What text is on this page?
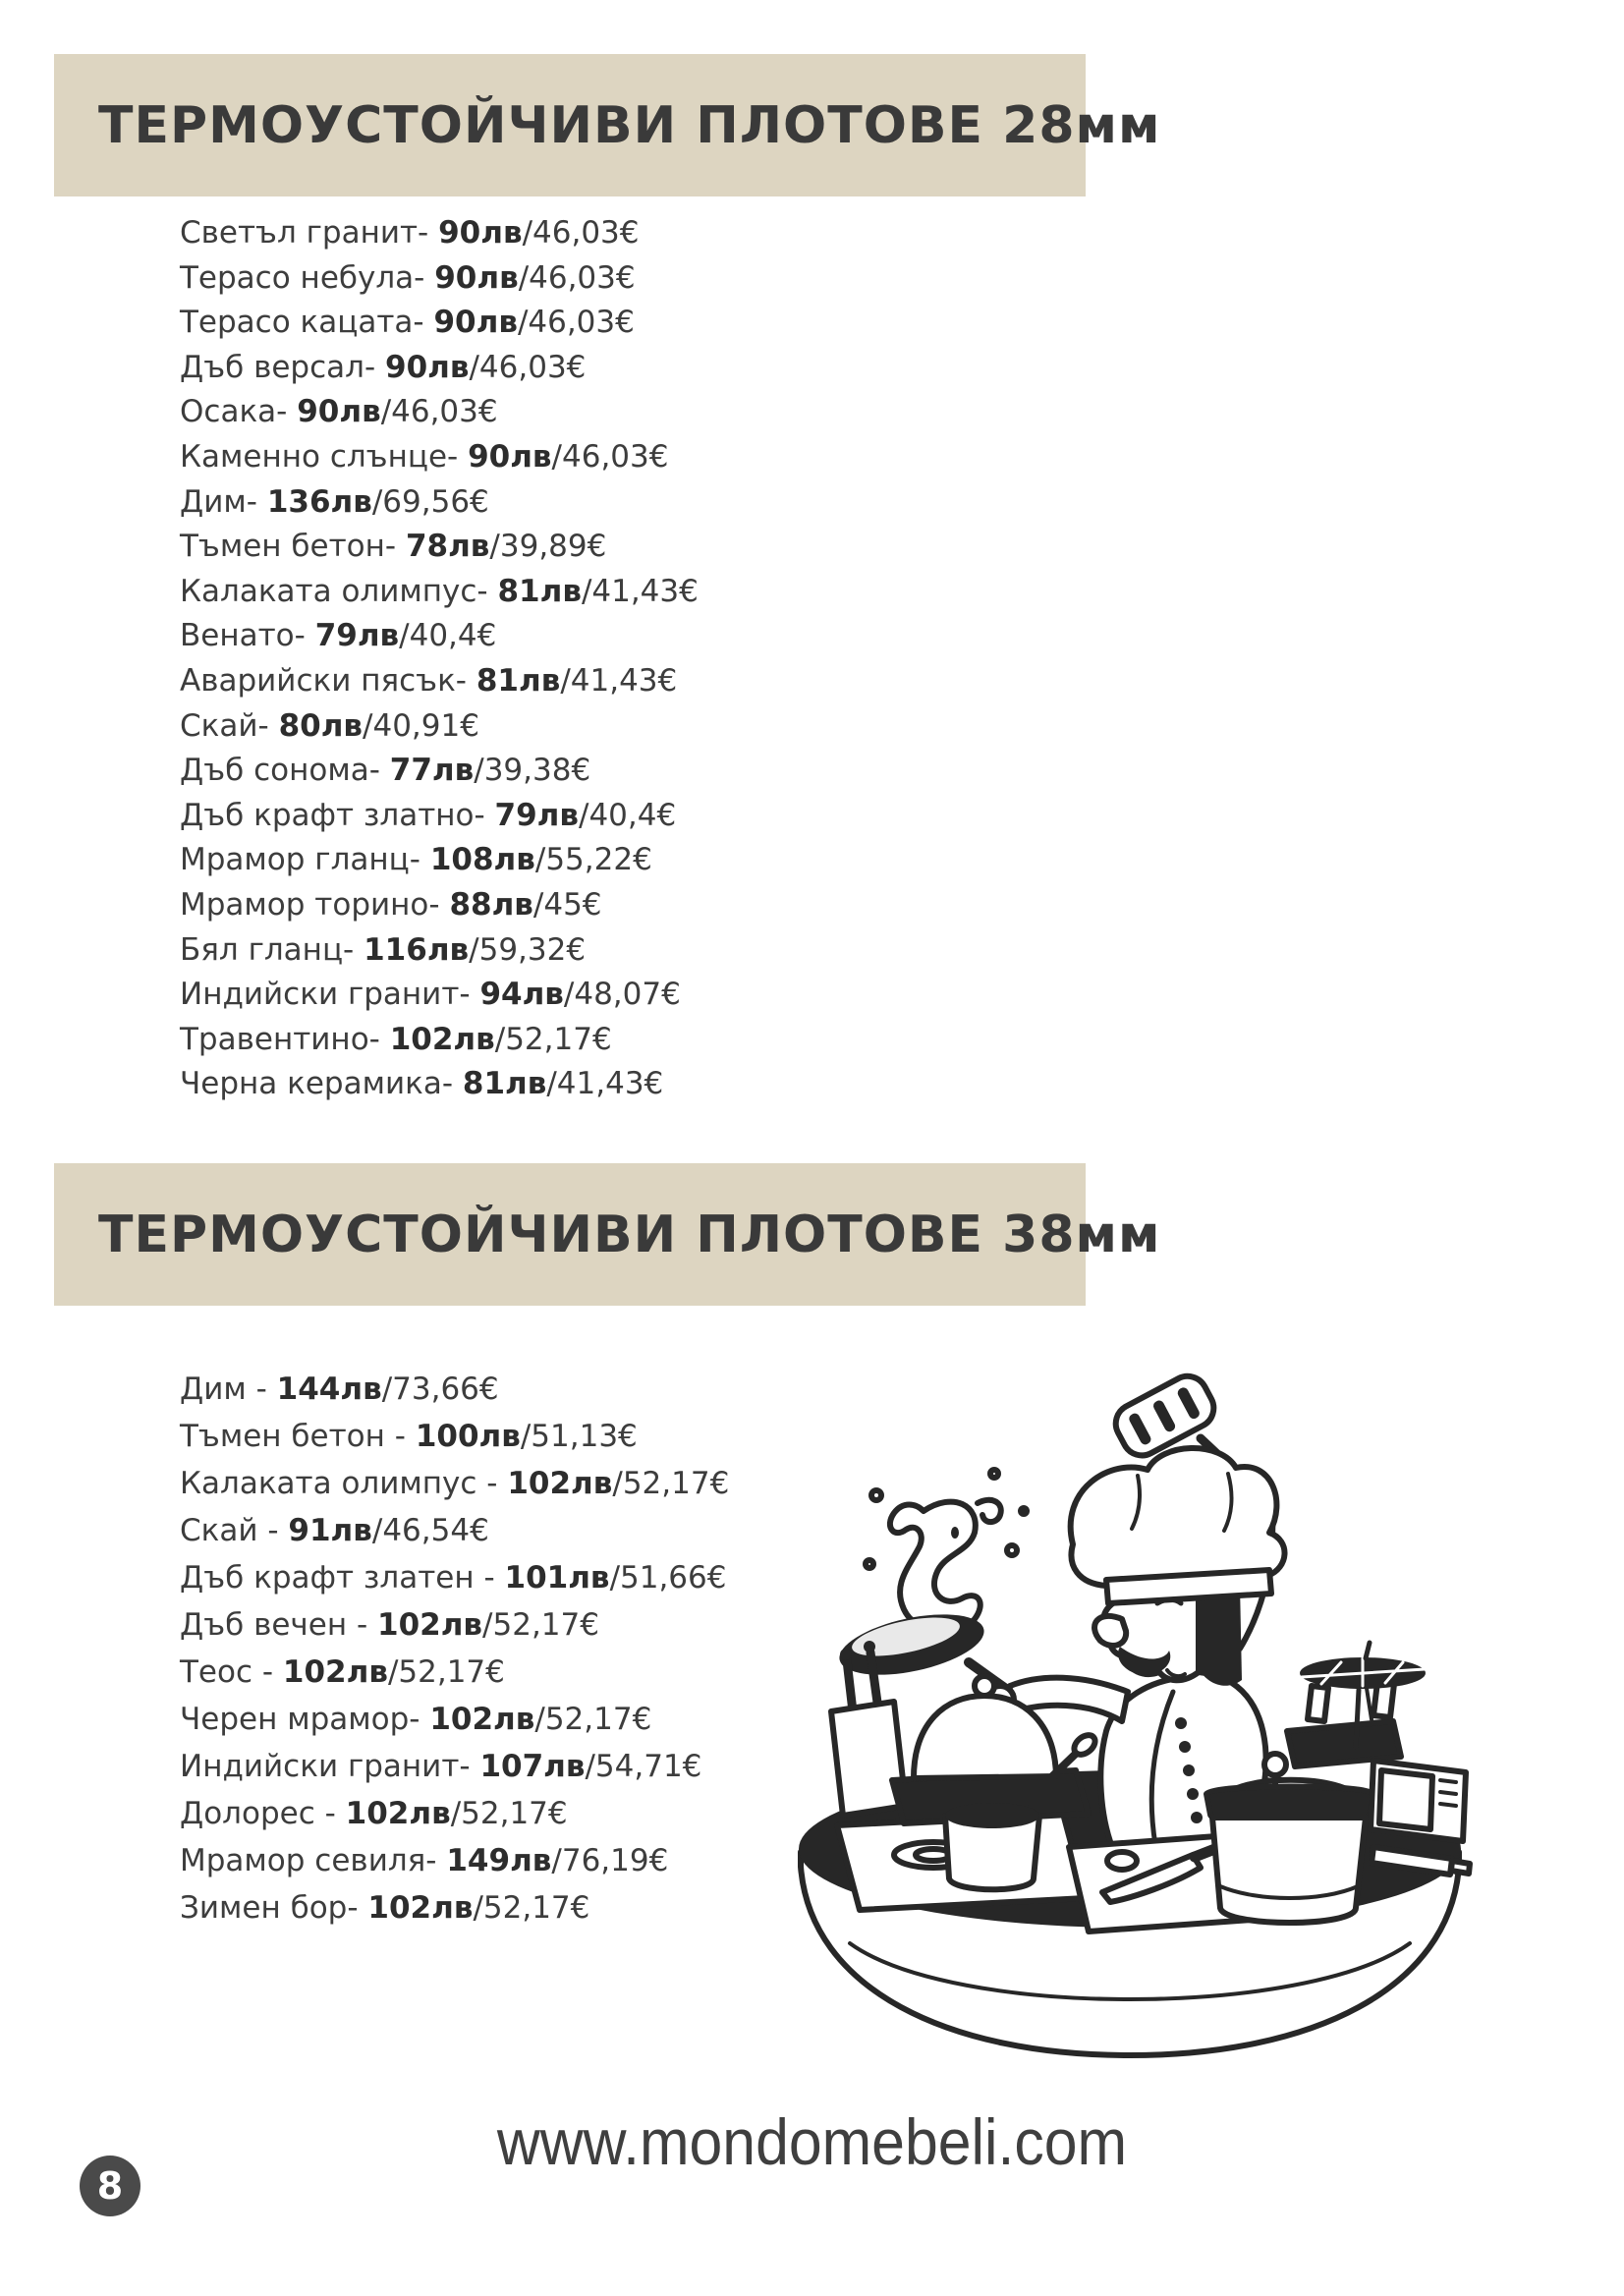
ТЕРМОУСТОЙЧИВИ ПЛОТОВЕ 28мм
Светъл гранит- 90лв/46,03€
Терасо небула- 90лв/46,03€
Терасо кацата- 90лв/46,03€
Дъб версал- 90лв/46,03€
Осака- 90лв/46,03€
Каменно слънце- 90лв/46,03€
Дим- 136лв/69,56€
Тъмен бетон- 78лв/39,89€
Калаката олимпус- 81лв/41,43€
Венато- 79лв/40,4€
Аварийски пясък- 81лв/41,43€
Скай- 80лв/40,91€
Дъб сонома- 77лв/39,38€
Дъб крафт златно- 79лв/40,4€
Мрамор гланц- 108лв/55,22€
Мрамор торино- 88лв/45€
Бял гланц- 116лв/59,32€
Индийски гранит- 94лв/48,07€
Травентино- 102лв/52,17€
Черна керамика- 81лв/41,43€
ТЕРМОУСТОЙЧИВИ ПЛОТОВЕ 38мм
Дим - 144лв/73,66€
Тъмен бетон - 100лв/51,13€
Калаката олимпус - 102лв/52,17€
Скай - 91лв/46,54€
Дъб крафт златен - 101лв/51,66€
Дъб вечен - 102лв/52,17€
Теос - 102лв/52,17€
Черен мрамор- 102лв/52,17€
Индийски гранит- 107лв/54,71€
Долорес - 102лв/52,17€
Мрамор севиля- 149лв/76,19€
Зимен бор- 102лв/52,17€
www.mondomebeli.com
8
